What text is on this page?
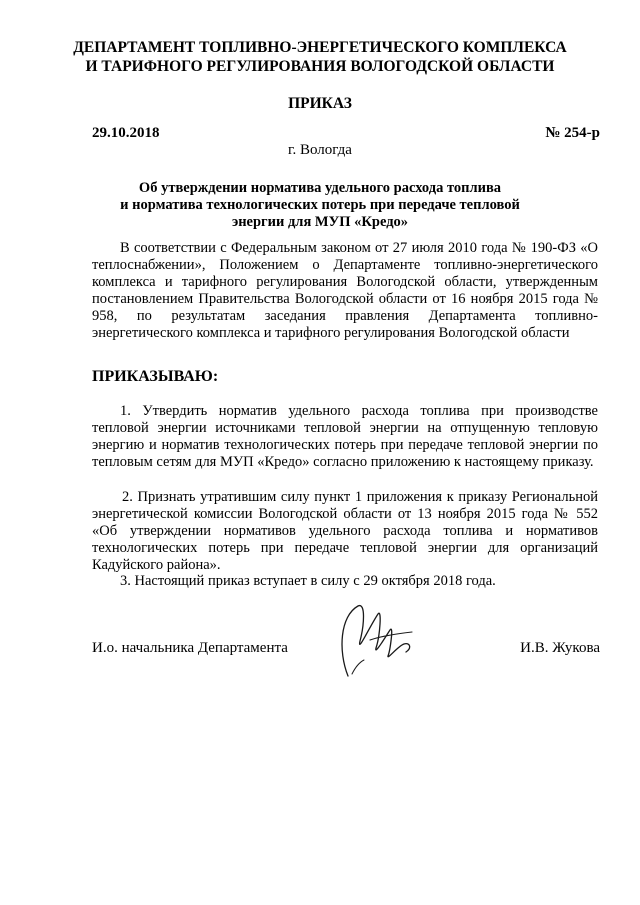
ДЕПАРТАМЕНТ ТОПЛИВНО-ЭНЕРГЕТИЧЕСКОГО КОМПЛЕКСА
И ТАРИФНОГО РЕГУЛИРОВАНИЯ ВОЛОГОДСКОЙ ОБЛАСТИ
ПРИКАЗ
29.10.2018	№ 254-р
г. Вологда
Об утверждении норматива удельного расхода топлива
и норматива технологических потерь при передаче тепловой
энергии для МУП «Кредо»
В соответствии с Федеральным законом от 27 июля 2010 года № 190-ФЗ «О теплоснабжении», Положением о Департаменте топливно-энергетического комплекса и тарифного регулирования Вологодской области, утвержденным постановлением Правительства Вологодской области от 16 ноября 2015 года № 958, по результатам заседания правления Департамента топливно-энергетического комплекса и тарифного регулирования Вологодской области
ПРИКАЗЫВАЮ:
1. Утвердить норматив удельного расхода топлива при производстве тепловой энергии источниками тепловой энергии на отпущенную тепловую энергию и норматив технологических потерь при передаче тепловой энергии по тепловым сетям для МУП «Кредо» согласно приложению к настоящему приказу.
2. Признать утратившим силу пункт 1 приложения к приказу Региональной энергетической комиссии Вологодской области от 13 ноября 2015 года № 552 «Об утверждении нормативов удельного расхода топлива и нормативов технологических потерь при передаче тепловой энергии для организаций Кадуйского района».
3. Настоящий приказ вступает в силу с 29 октября 2018 года.
И.о. начальника Департамента	И.В. Жукова
